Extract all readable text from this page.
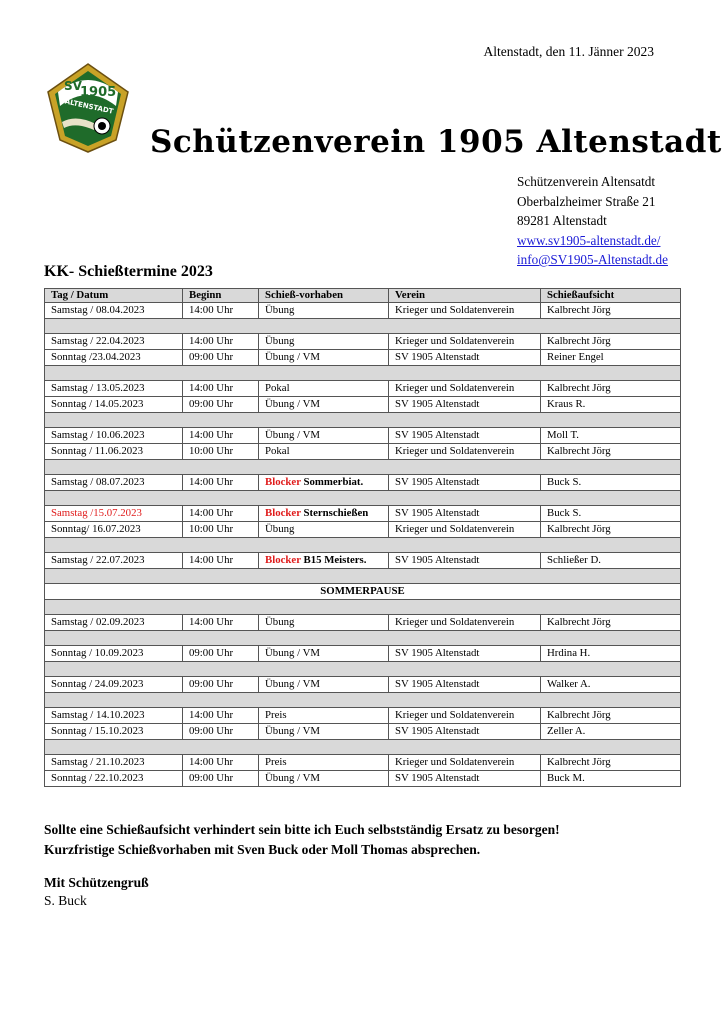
Altenstadt, den 11. Jänner 2023
SV
1905
ALTENSTADT
Schützenverein 1905 Altenstadt
Schützenverein Altensatdt
Oberbalzheimer Straße 21
89281 Altenstadt
www.sv1905-altenstadt.de/
info@SV1905-Altenstadt.de
KK- Schießtermine 2023
Tag / Datum	Beginn	Schieß-vorhaben	Verein	Schießaufsicht
Samstag / 08.04.2023	14:00 Uhr	Übung	Krieger und Soldatenverein	Kalbrecht Jörg

Samstag / 22.04.2023	14:00 Uhr	Übung	Krieger und Soldatenverein	Kalbrecht Jörg
Sonntag /23.04.2023	09:00 Uhr	Übung / VM	SV 1905 Altenstadt	Reiner Engel

Samstag / 13.05.2023	14:00 Uhr	Pokal	Krieger und Soldatenverein	Kalbrecht Jörg
Sonntag / 14.05.2023	09:00 Uhr	Übung / VM	SV 1905 Altenstadt	Kraus R.

Samstag / 10.06.2023	14:00 Uhr	Übung / VM	SV 1905 Altenstadt	Moll T.
Sonntag / 11.06.2023	10:00 Uhr	Pokal	Krieger und Soldatenverein	Kalbrecht Jörg

Samstag / 08.07.2023	14:00 Uhr	Blocker Sommerbiat.	SV 1905 Altenstadt	Buck S.

Samstag /15.07.2023	14:00 Uhr	Blocker Sternschießen	SV 1905 Altenstadt	Buck S.
Sonntag/ 16.07.2023	10:00 Uhr	Übung	Krieger und Soldatenverein	Kalbrecht Jörg

Samstag / 22.07.2023	14:00 Uhr	Blocker B15 Meisters.	SV 1905 Altenstadt	Schließer D.

SOMMERPAUSE				

Samstag / 02.09.2023	14:00 Uhr	Übung	Krieger und Soldatenverein	Kalbrecht Jörg

Sonntag / 10.09.2023	09:00 Uhr	Übung / VM	SV 1905 Altenstadt	Hrdina H.

Sonntag / 24.09.2023	09:00 Uhr	Übung / VM	SV 1905 Altenstadt	Walker A.

Samstag / 14.10.2023	14:00 Uhr	Preis	Krieger und Soldatenverein	Kalbrecht Jörg
Sonntag / 15.10.2023	09:00 Uhr	Übung / VM	SV 1905 Altenstadt	Zeller A.

Samstag / 21.10.2023	14:00 Uhr	Preis	Krieger und Soldatenverein	Kalbrecht Jörg
Sonntag / 22.10.2023	09:00 Uhr	Übung / VM	SV 1905 Altenstadt	Buck M.
Sollte eine Schießaufsicht verhindert sein bitte ich Euch selbstständig Ersatz zu besorgen!
Kurzfristige Schießvorhaben mit Sven Buck oder Moll Thomas absprechen.
Mit Schützengruß
S. Buck
